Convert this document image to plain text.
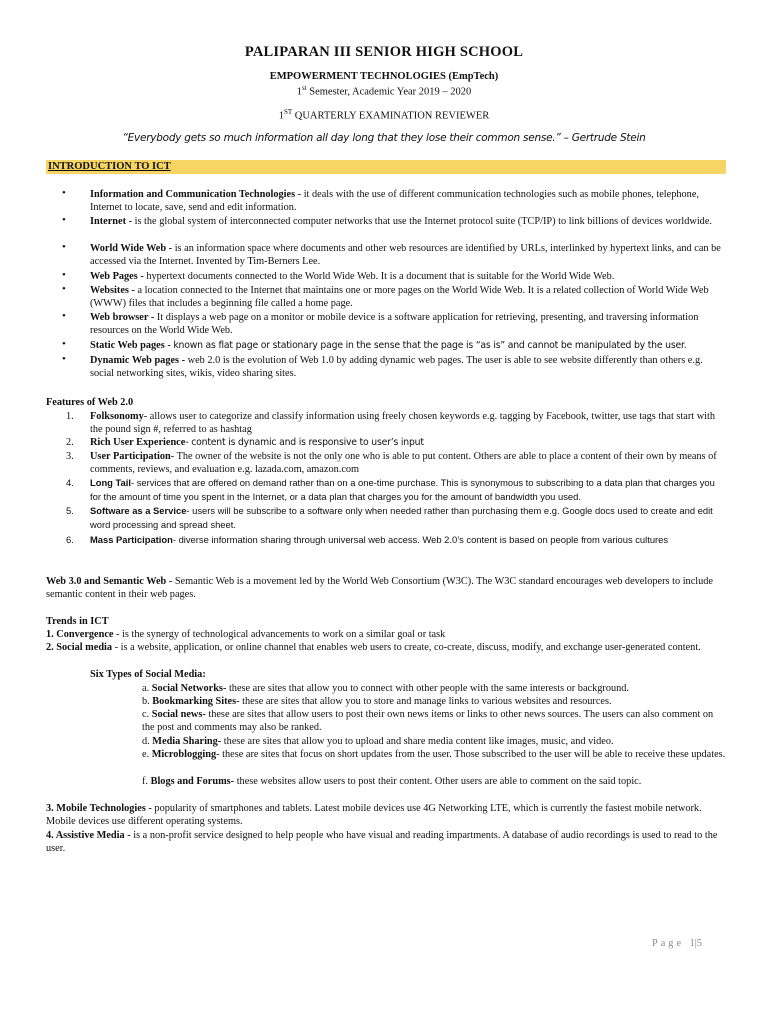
PALIPARAN III SENIOR HIGH SCHOOL
EMPOWERMENT TECHNOLOGIES (EmpTech)
1st Semester, Academic Year 2019 – 2020
1ST QUARTERLY EXAMINATION REVIEWER
“Everybody gets so much information all day long that they lose their common sense.” – Gertrude Stein
INTRODUCTION TO ICT
• Information and Communication Technologies - it deals with the use of different communication technologies such as mobile phones, telephone, Internet to locate, save, send and edit information.
• Internet - is the global system of interconnected computer networks that use the Internet protocol suite (TCP/IP) to link billions of devices worldwide.
• World Wide Web - is an information space where documents and other web resources are identified by URLs, interlinked by hypertext links, and can be accessed via the Internet. Invented by Tim-Berners Lee.
• Web Pages - hypertext documents connected to the World Wide Web. It is a document that is suitable for the World Wide Web.
• Websites - a location connected to the Internet that maintains one or more pages on the World Wide Web. It is a related collection of World Wide Web (WWW) files that includes a beginning file called a home page.
• Web browser - It displays a web page on a monitor or mobile device is a software application for retrieving, presenting, and traversing information resources on the World Wide Web.
• Static Web pages - known as flat page or stationary page in the sense that the page is “as is” and cannot be manipulated by the user.
• Dynamic Web pages - web 2.0 is the evolution of Web 1.0 by adding dynamic web pages. The user is able to see website differently than others e.g. social networking sites, wikis, video sharing sites.
Features of Web 2.0
1. Folksonomy- allows user to categorize and classify information using freely chosen keywords e.g. tagging by Facebook, twitter, use tags that start with the pound sign #, referred to as hashtag
2. Rich User Experience- content is dynamic and is responsive to user’s input
3. User Participation- The owner of the website is not the only one who is able to put content. Others are able to place a content of their own by means of comments, reviews, and evaluation e.g. lazada.com, amazon.com
4. Long Tail- services that are offered on demand rather than on a one-time purchase. This is synonymous to subscribing to a data plan that charges you for the amount of time you spent in the Internet, or a data plan that charges you for the amount of bandwidth you used.
5. Software as a Service- users will be subscribe to a software only when needed rather than purchasing them e.g. Google docs used to create and edit word processing and spread sheet.
6. Mass Participation- diverse information sharing through universal web access. Web 2.0’s content is based on people from various cultures
Web 3.0 and Semantic Web - Semantic Web is a movement led by the World Web Consortium (W3C). The W3C standard encourages web developers to include semantic content in their web pages.
Trends in ICT
1. Convergence - is the synergy of technological advancements to work on a similar goal or task
2. Social media - is a website, application, or online channel that enables web users to create, co-create, discuss, modify, and exchange user-generated content.
Six Types of Social Media:
a. Social Networks- these are sites that allow you to connect with other people with the same interests or background.
b. Bookmarking Sites- these are sites that allow you to store and manage links to various websites and resources.
c. Social news- these are sites that allow users to post their own news items or links to other news sources. The users can also comment on the post and comments may also be ranked.
d. Media Sharing- these are sites that allow you to upload and share media content like images, music, and video.
e. Microblogging- these are sites that focus on short updates from the user. Those subscribed to the user will be able to receive these updates.
f. Blogs and Forums- these websites allow users to post their content. Other users are able to comment on the said topic.
3. Mobile Technologies - popularity of smartphones and tablets. Latest mobile devices use 4G Networking LTE, which is currently the fastest mobile network. Mobile devices use different operating systems.
4. Assistive Media - is a non-profit service designed to help people who have visual and reading impartments. A database of audio recordings is used to read to the user.
Page 1|5
